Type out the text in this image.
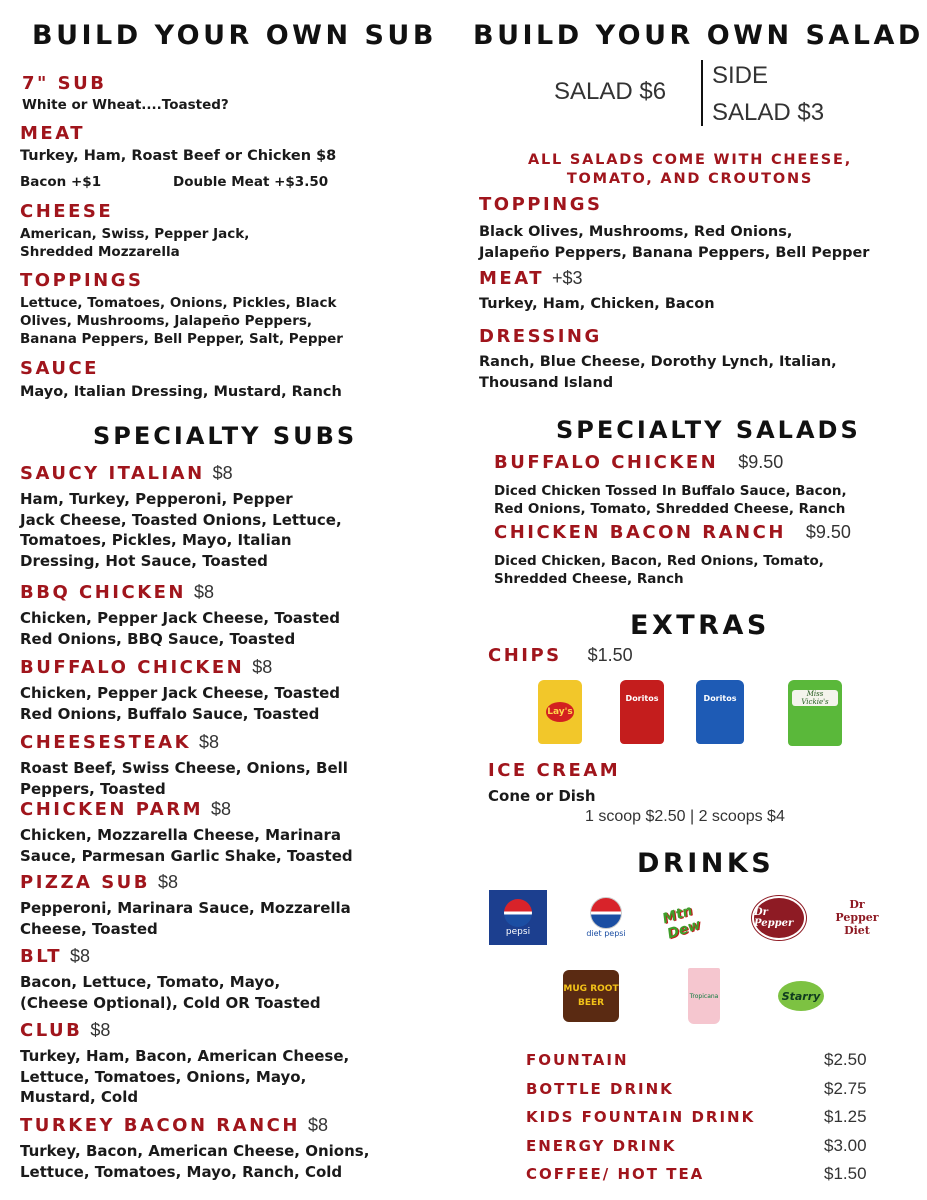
BUILD YOUR OWN SUB
7" SUB
White or Wheat....Toasted?
MEAT
Turkey, Ham, Roast Beef or Chicken $8
Bacon +$1	Double Meat +$3.50
CHEESE
American, Swiss, Pepper Jack,
Shredded Mozzarella
TOPPINGS
Lettuce, Tomatoes, Onions, Pickles, Black
Olives, Mushrooms, Jalapeño Peppers,
Banana Peppers, Bell Pepper, Salt, Pepper
SAUCE
Mayo, Italian Dressing, Mustard, Ranch
SPECIALTY SUBS
SAUCY ITALIAN $8
Ham, Turkey, Pepperoni, Pepper
Jack Cheese, Toasted Onions, Lettuce,
Tomatoes, Pickles, Mayo, Italian
Dressing, Hot Sauce, Toasted
BBQ CHICKEN $8
Chicken, Pepper Jack Cheese, Toasted
Red Onions, BBQ Sauce, Toasted
BUFFALO CHICKEN $8
Chicken, Pepper Jack Cheese, Toasted
Red Onions, Buffalo Sauce, Toasted
CHEESESTEAK $8
Roast Beef, Swiss Cheese, Onions, Bell
Peppers, Toasted
CHICKEN PARM $8
Chicken, Mozzarella Cheese, Marinara
Sauce, Parmesan Garlic Shake, Toasted
PIZZA SUB $8
Pepperoni, Marinara Sauce, Mozzarella
Cheese, Toasted
BLT $8
Bacon, Lettuce, Tomato, Mayo,
(Cheese Optional), Cold OR Toasted
CLUB $8
Turkey, Ham, Bacon, American Cheese,
Lettuce, Tomatoes, Onions, Mayo,
Mustard, Cold
TURKEY BACON RANCH $8
Turkey, Bacon, American Cheese, Onions,
Lettuce, Tomatoes, Mayo, Ranch, Cold
BUILD YOUR OWN SALAD
SALAD $6
SIDE
SALAD $3
ALL SALADS COME WITH CHEESE,
TOMATO, AND CROUTONS
TOPPINGS
Black Olives, Mushrooms, Red Onions,
Jalapeño Peppers, Banana Peppers, Bell Pepper
MEAT +$3
Turkey, Ham, Chicken, Bacon
DRESSING
Ranch, Blue Cheese, Dorothy Lynch, Italian,
Thousand Island
SPECIALTY SALADS
BUFFALO CHICKEN $9.50
Diced Chicken Tossed In Buffalo Sauce, Bacon,
Red Onions, Tomato, Shredded Cheese, Ranch
CHICKEN BACON RANCH $9.50
Diced Chicken, Bacon, Red Onions, Tomato,
Shredded Cheese, Ranch
EXTRAS
CHIPS $1.50
Lay's
Doritos	Doritos	Miss Vickie's
ICE CREAM
Cone or Dish
1 scoop $2.50 | 2 scoops $4
DRINKS
pepsi	diet pepsi
Mtn Dew
Dr Pepper
Dr Pepper Diet
MUG ROOT BEER
Tropicana	Starry
FOUNTAIN	$2.50
BOTTLE DRINK	$2.75
KIDS FOUNTAIN DRINK	$1.25
ENERGY DRINK	$3.00
COFFEE/ HOT TEA	$1.50
